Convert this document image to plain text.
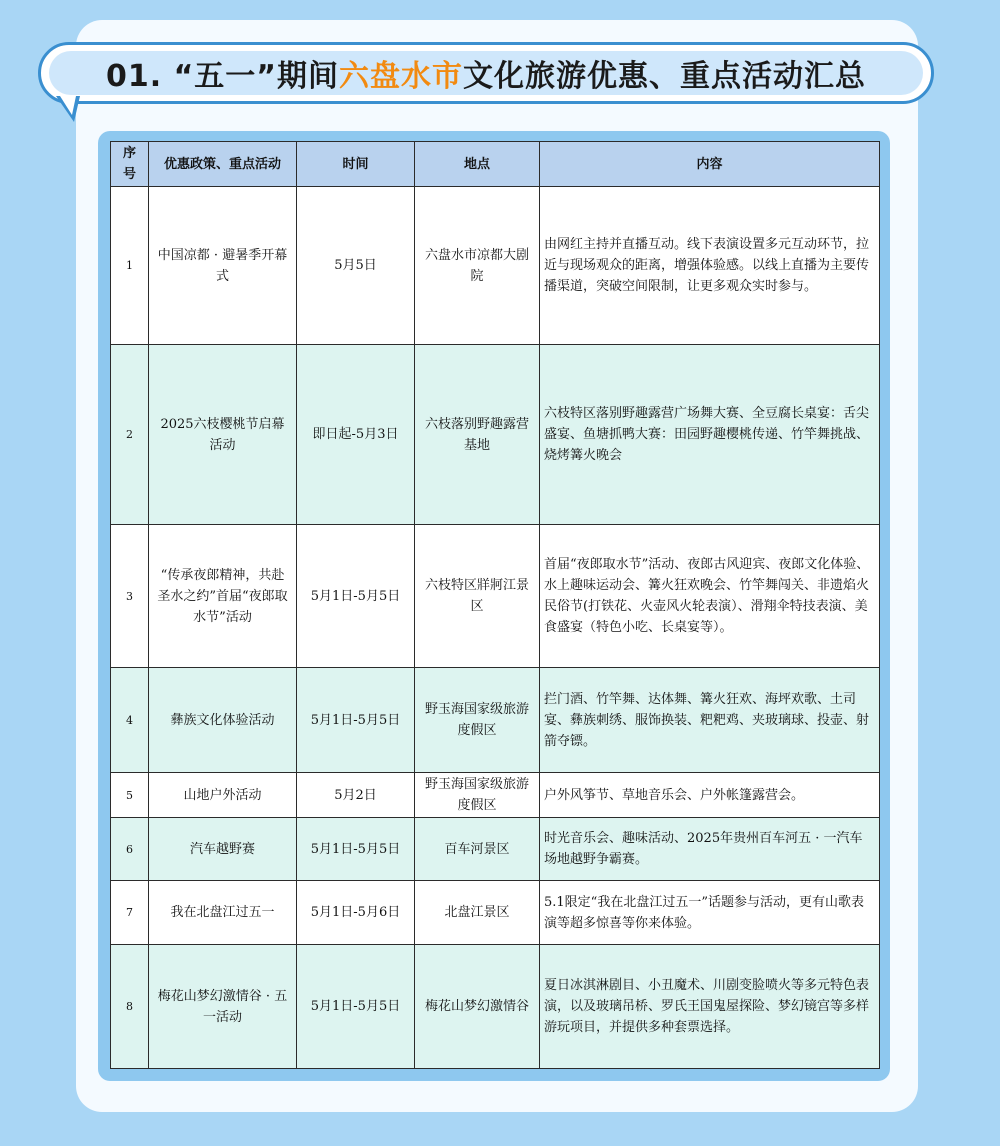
01. “五一”期间 六盘水市 文化旅游优惠、重点活动汇总
序号	优惠政策、重点活动	时间	地点	内容
1	中国凉都 · 避暑季开幕式	5月5日	六盘水市凉都大剧院	由网红主持并直播互动。线下表演设置多元互动环节，拉近与现场观众的距离，增强体验感。以线上直播为主要传播渠道，突破空间限制，让更多观众实时参与。
2	2025六枝樱桃节启幕活动	即日起-5月3日	六枝落别野趣露营基地	六枝特区落别野趣露营广场舞大赛、全豆腐长桌宴：舌尖盛宴、鱼塘抓鸭大赛：田园野趣樱桃传递、竹竿舞挑战、烧烤篝火晚会
3	“传承夜郎精神，共赴圣水之约”首届“夜郎取水节”活动	5月1日-5月5日	六枝特区牂牁江景区	首届“夜郎取水节”活动、夜郎古风迎宾、夜郎文化体验、水上趣味运动会、篝火狂欢晚会、竹竿舞闯关、非遗焰火民俗节(打铁花、火壶风火轮表演）、滑翔伞特技表演、美食盛宴（特色小吃、长桌宴等）。
4	彝族文化体验活动	5月1日-5月5日	野玉海国家级旅游度假区	拦门酒、竹竿舞、达体舞、篝火狂欢、海坪欢歌、土司宴、彝族刺绣、服饰换装、粑粑鸡、夹玻璃球、投壶、射箭夺镖。
5	山地户外活动	5月2日	野玉海国家级旅游度假区	户外风筝节、草地音乐会、户外帐篷露营会。
6	汽车越野赛	5月1日-5月5日	百车河景区	时光音乐会、趣味活动、2025年贵州百车河五 · 一汽车场地越野争霸赛。
7	我在北盘江过五一	5月1日-5月6日	北盘江景区	5.1限定“我在北盘江过五一”话题参与活动，更有山歌表演等超多惊喜等你来体验。
8	梅花山梦幻激情谷 · 五一活动	5月1日-5月5日	梅花山梦幻激情谷	夏日冰淇淋剧目、小丑魔术、川剧变脸喷火等多元特色表演，以及玻璃吊桥、罗氏王国鬼屋探险、梦幻镜宫等多样游玩项目，并提供多种套票选择。
